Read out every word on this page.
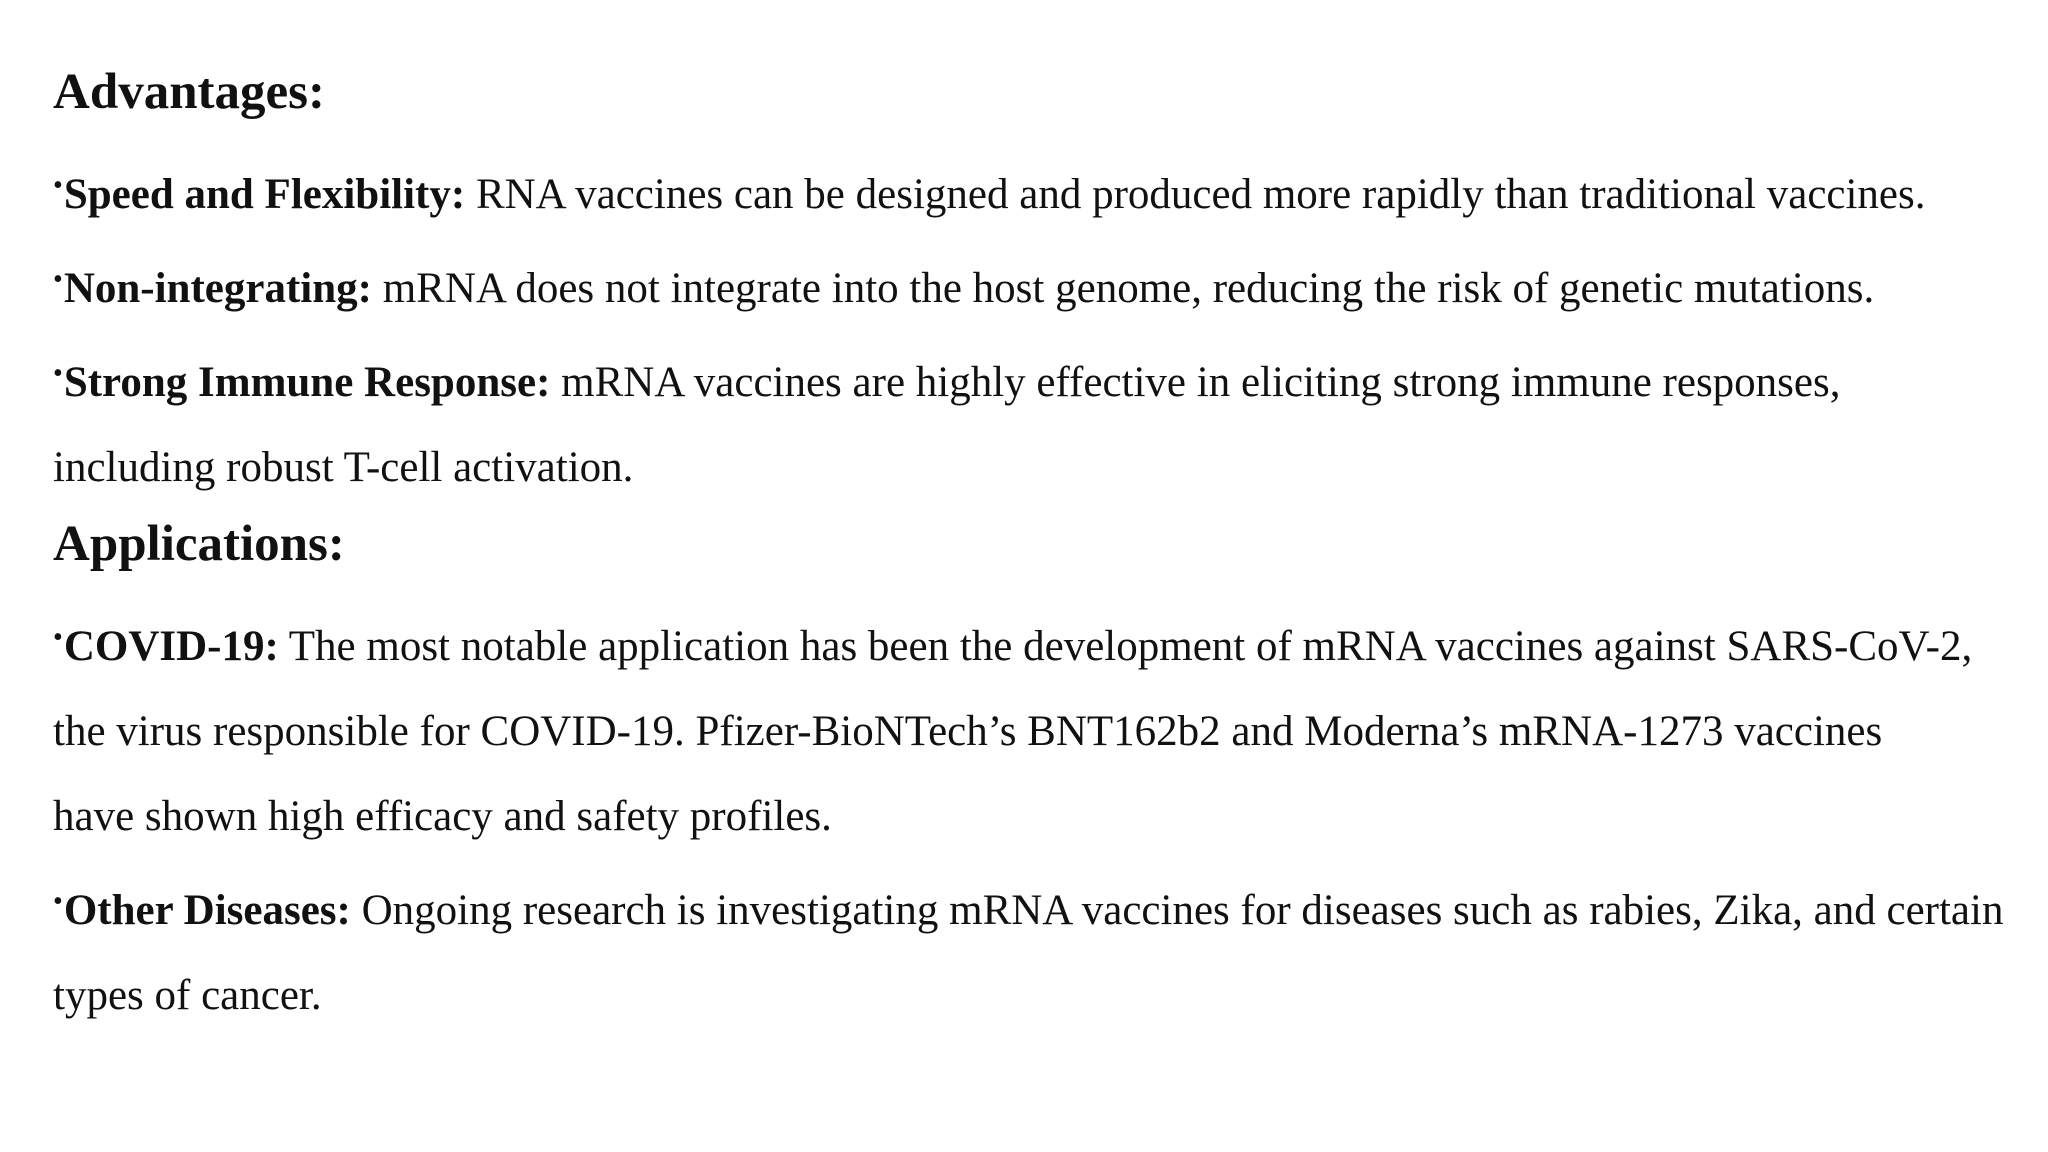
Advantages:

•Speed and Flexibility: RNA vaccines can be designed and produced more rapidly than traditional vaccines.

•Non-integrating: mRNA does not integrate into the host genome, reducing the risk of genetic mutations.

•Strong Immune Response: mRNA vaccines are highly effective in eliciting strong immune responses, including robust T-cell activation.

Applications:

•COVID-19: The most notable application has been the development of mRNA vaccines against SARS-CoV-2, the virus responsible for COVID-19. Pfizer-BioNTech’s BNT162b2 and Moderna’s mRNA-1273 vaccines have shown high efficacy and safety profiles.

•Other Diseases: Ongoing research is investigating mRNA vaccines for diseases such as rabies, Zika, and certain types of cancer.
